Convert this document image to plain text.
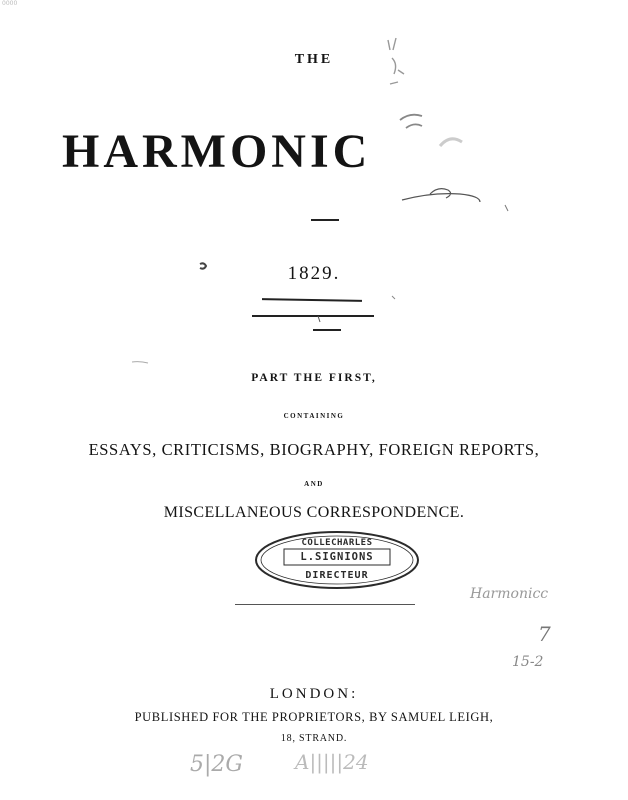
0000
THE
HARMONIC
1829.
PART THE FIRST,
CONTAINING
ESSAYS, CRITICISMS, BIOGRAPHY, FOREIGN REPORTS,
AND
MISCELLANEOUS CORRESPONDENCE.
COLLECHARLES
L.SIGNIONS
DIRECTEUR
LONDON:
PUBLISHED FOR THE PROPRIETORS, BY SAMUEL LEIGH,
18, STRAND.
Harmonicc
7
15-2
5|2G	A|||||24
